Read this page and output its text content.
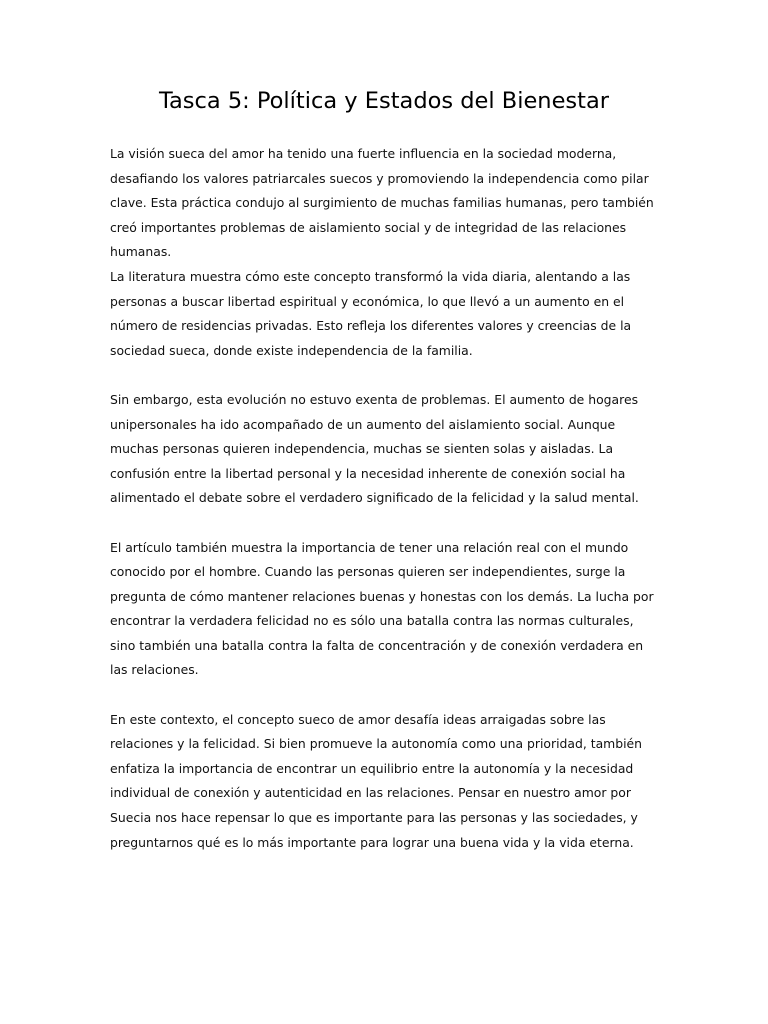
Tasca 5: Política y Estados del Bienestar

La visión sueca del amor ha tenido una fuerte influencia en la sociedad moderna, desafiando los valores patriarcales suecos y promoviendo la independencia como pilar clave. Esta práctica condujo al surgimiento de muchas familias humanas, pero también creó importantes problemas de aislamiento social y de integridad de las relaciones humanas.

La literatura muestra cómo este concepto transformó la vida diaria, alentando a las personas a buscar libertad espiritual y económica, lo que llevó a un aumento en el número de residencias privadas. Esto refleja los diferentes valores y creencias de la sociedad sueca, donde existe independencia de la familia.

Sin embargo, esta evolución no estuvo exenta de problemas. El aumento de hogares unipersonales ha ido acompañado de un aumento del aislamiento social. Aunque muchas personas quieren independencia, muchas se sienten solas y aisladas. La confusión entre la libertad personal y la necesidad inherente de conexión social ha alimentado el debate sobre el verdadero significado de la felicidad y la salud mental.

El artículo también muestra la importancia de tener una relación real con el mundo conocido por el hombre. Cuando las personas quieren ser independientes, surge la pregunta de cómo mantener relaciones buenas y honestas con los demás. La lucha por encontrar la verdadera felicidad no es sólo una batalla contra las normas culturales, sino también una batalla contra la falta de concentración y de conexión verdadera en las relaciones.

En este contexto, el concepto sueco de amor desafía ideas arraigadas sobre las relaciones y la felicidad. Si bien promueve la autonomía como una prioridad, también enfatiza la importancia de encontrar un equilibrio entre la autonomía y la necesidad individual de conexión y autenticidad en las relaciones. Pensar en nuestro amor por Suecia nos hace repensar lo que es importante para las personas y las sociedades, y preguntarnos qué es lo más importante para lograr una buena vida y la vida eterna.
